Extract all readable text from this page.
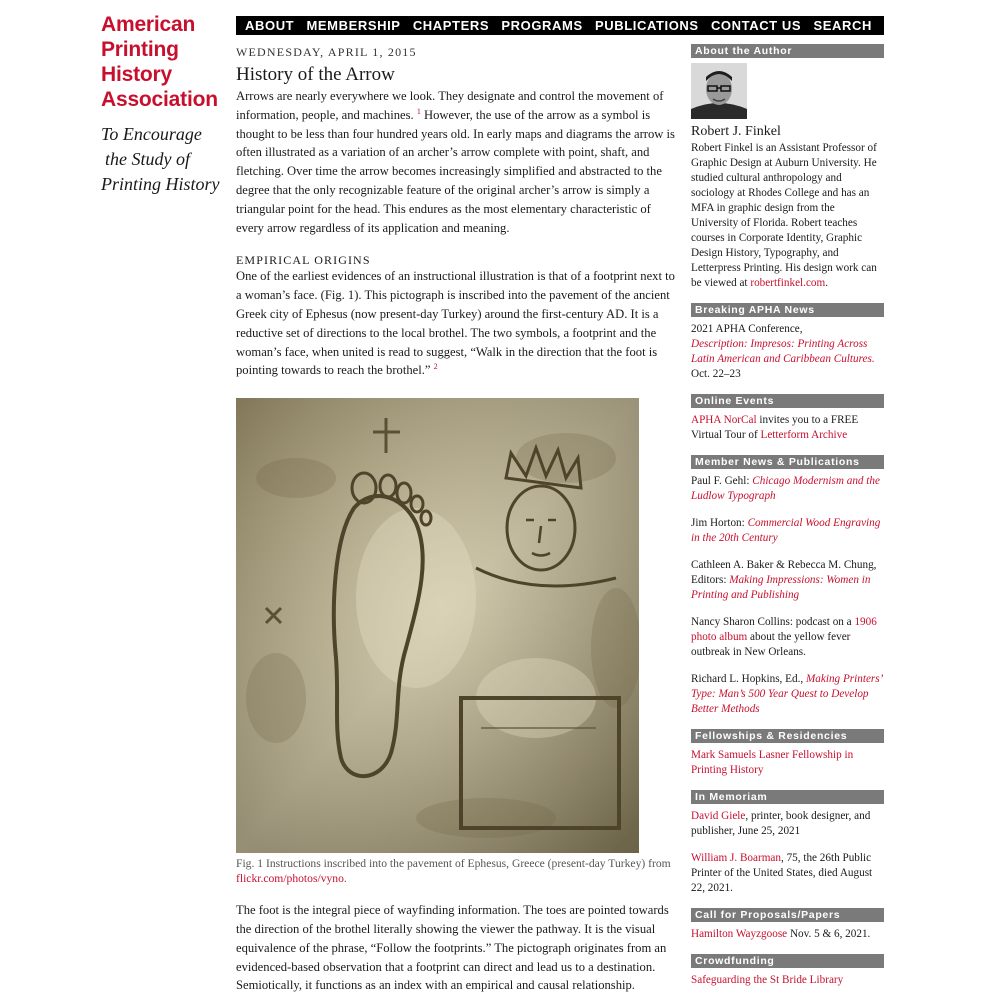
American
Printing
History
Association
To Encourage
the Study of
Printing History
ABOUT MEMBERSHIP CHAPTERS PROGRAMS PUBLICATIONS CONTACT US SEARCH
WEDNESDAY, APRIL 1, 2015
History of the Arrow

Arrows are nearly everywhere we look. They designate and control the movement of information, people, and machines. $^1$ However, the use of the arrow as a symbol is thought to be less than four hundred years old. In early maps and diagrams the arrow is often illustrated as a variation of an archer’s arrow complete with point, shaft, and fletching. Over time the arrow becomes increasingly simplified and abstracted to the degree that the only recognizable feature of the original archer’s arrow is simply a triangular point for the head. This endures as the most elementary characteristic of every arrow regardless of its application and meaning.

EMPIRICAL ORIGINS

One of the earliest evidences of an instructional illustration is that of a footprint next to a woman’s face. (Fig. 1). This pictograph is inscribed into the pavement of the ancient Greek city of Ephesus (now present-day Turkey) around the first-century AD. It is a reductive set of directions to the local brothel. The two symbols, a footprint and the woman’s face, when united is read to suggest, “Walk in the direction that the foot is pointing towards to reach the brothel.” $^2$

Fig. 1 Instructions inscribed into the pavement of Ephesus, Greece (present-day Turkey) from flickr.com/photos/vyno.

The foot is the integral piece of wayfinding information. The toes are pointed towards the direction of the brothel literally showing the viewer the pathway. It is the visual equivalence of the phrase, “Follow the footprints.” The pictograph originates from an evidenced-based observation that a footprint can direct and lead us to a destination. Semiotically, it functions as an index with an empirical and causal relationship.

About the Author
Robert J. Finkel

Robert Finkel is an Assistant Professor of Graphic Design at Auburn University. He studied cultural anthropology and sociology at Rhodes College and has an MFA in graphic design from the University of Florida. Robert teaches courses in Corporate Identity, Graphic Design History, Typography, and Letterpress Printing. His design work can be viewed at robertfinkel.com.

Breaking APHA News

2021 APHA Conference,
Description: Impresos: Printing Across Latin American and Caribbean Cultures.
Oct. 22–23

Online Events

APHA NorCal invites you to a FREE Virtual Tour of Letterform Archive

Member News & Publications

Paul F. Gehl: Chicago Modernism and the Ludlow Typograph

Jim Horton: Commercial Wood Engraving in the 20th Century

Cathleen A. Baker & Rebecca M. Chung, Editors: Making Impressions: Women in Printing and Publishing

Nancy Sharon Collins: podcast on a 1906 photo album about the yellow fever outbreak in New Orleans.

Richard L. Hopkins, Ed., Making Printers’ Type: Man’s 500 Year Quest to Develop Better Methods

Fellowships & Residencies

Mark Samuels Lasner Fellowship in Printing History

In Memoriam

David Giele, printer, book designer, and publisher, June 25, 2021

William J. Boarman, 75, the 26th Public Printer of the United States, died August 22, 2021.

Call for Proposals/Papers

Hamilton Wayzgoose Nov. 5 & 6, 2021.

Crowdfunding

Safeguarding the St Bride Library
